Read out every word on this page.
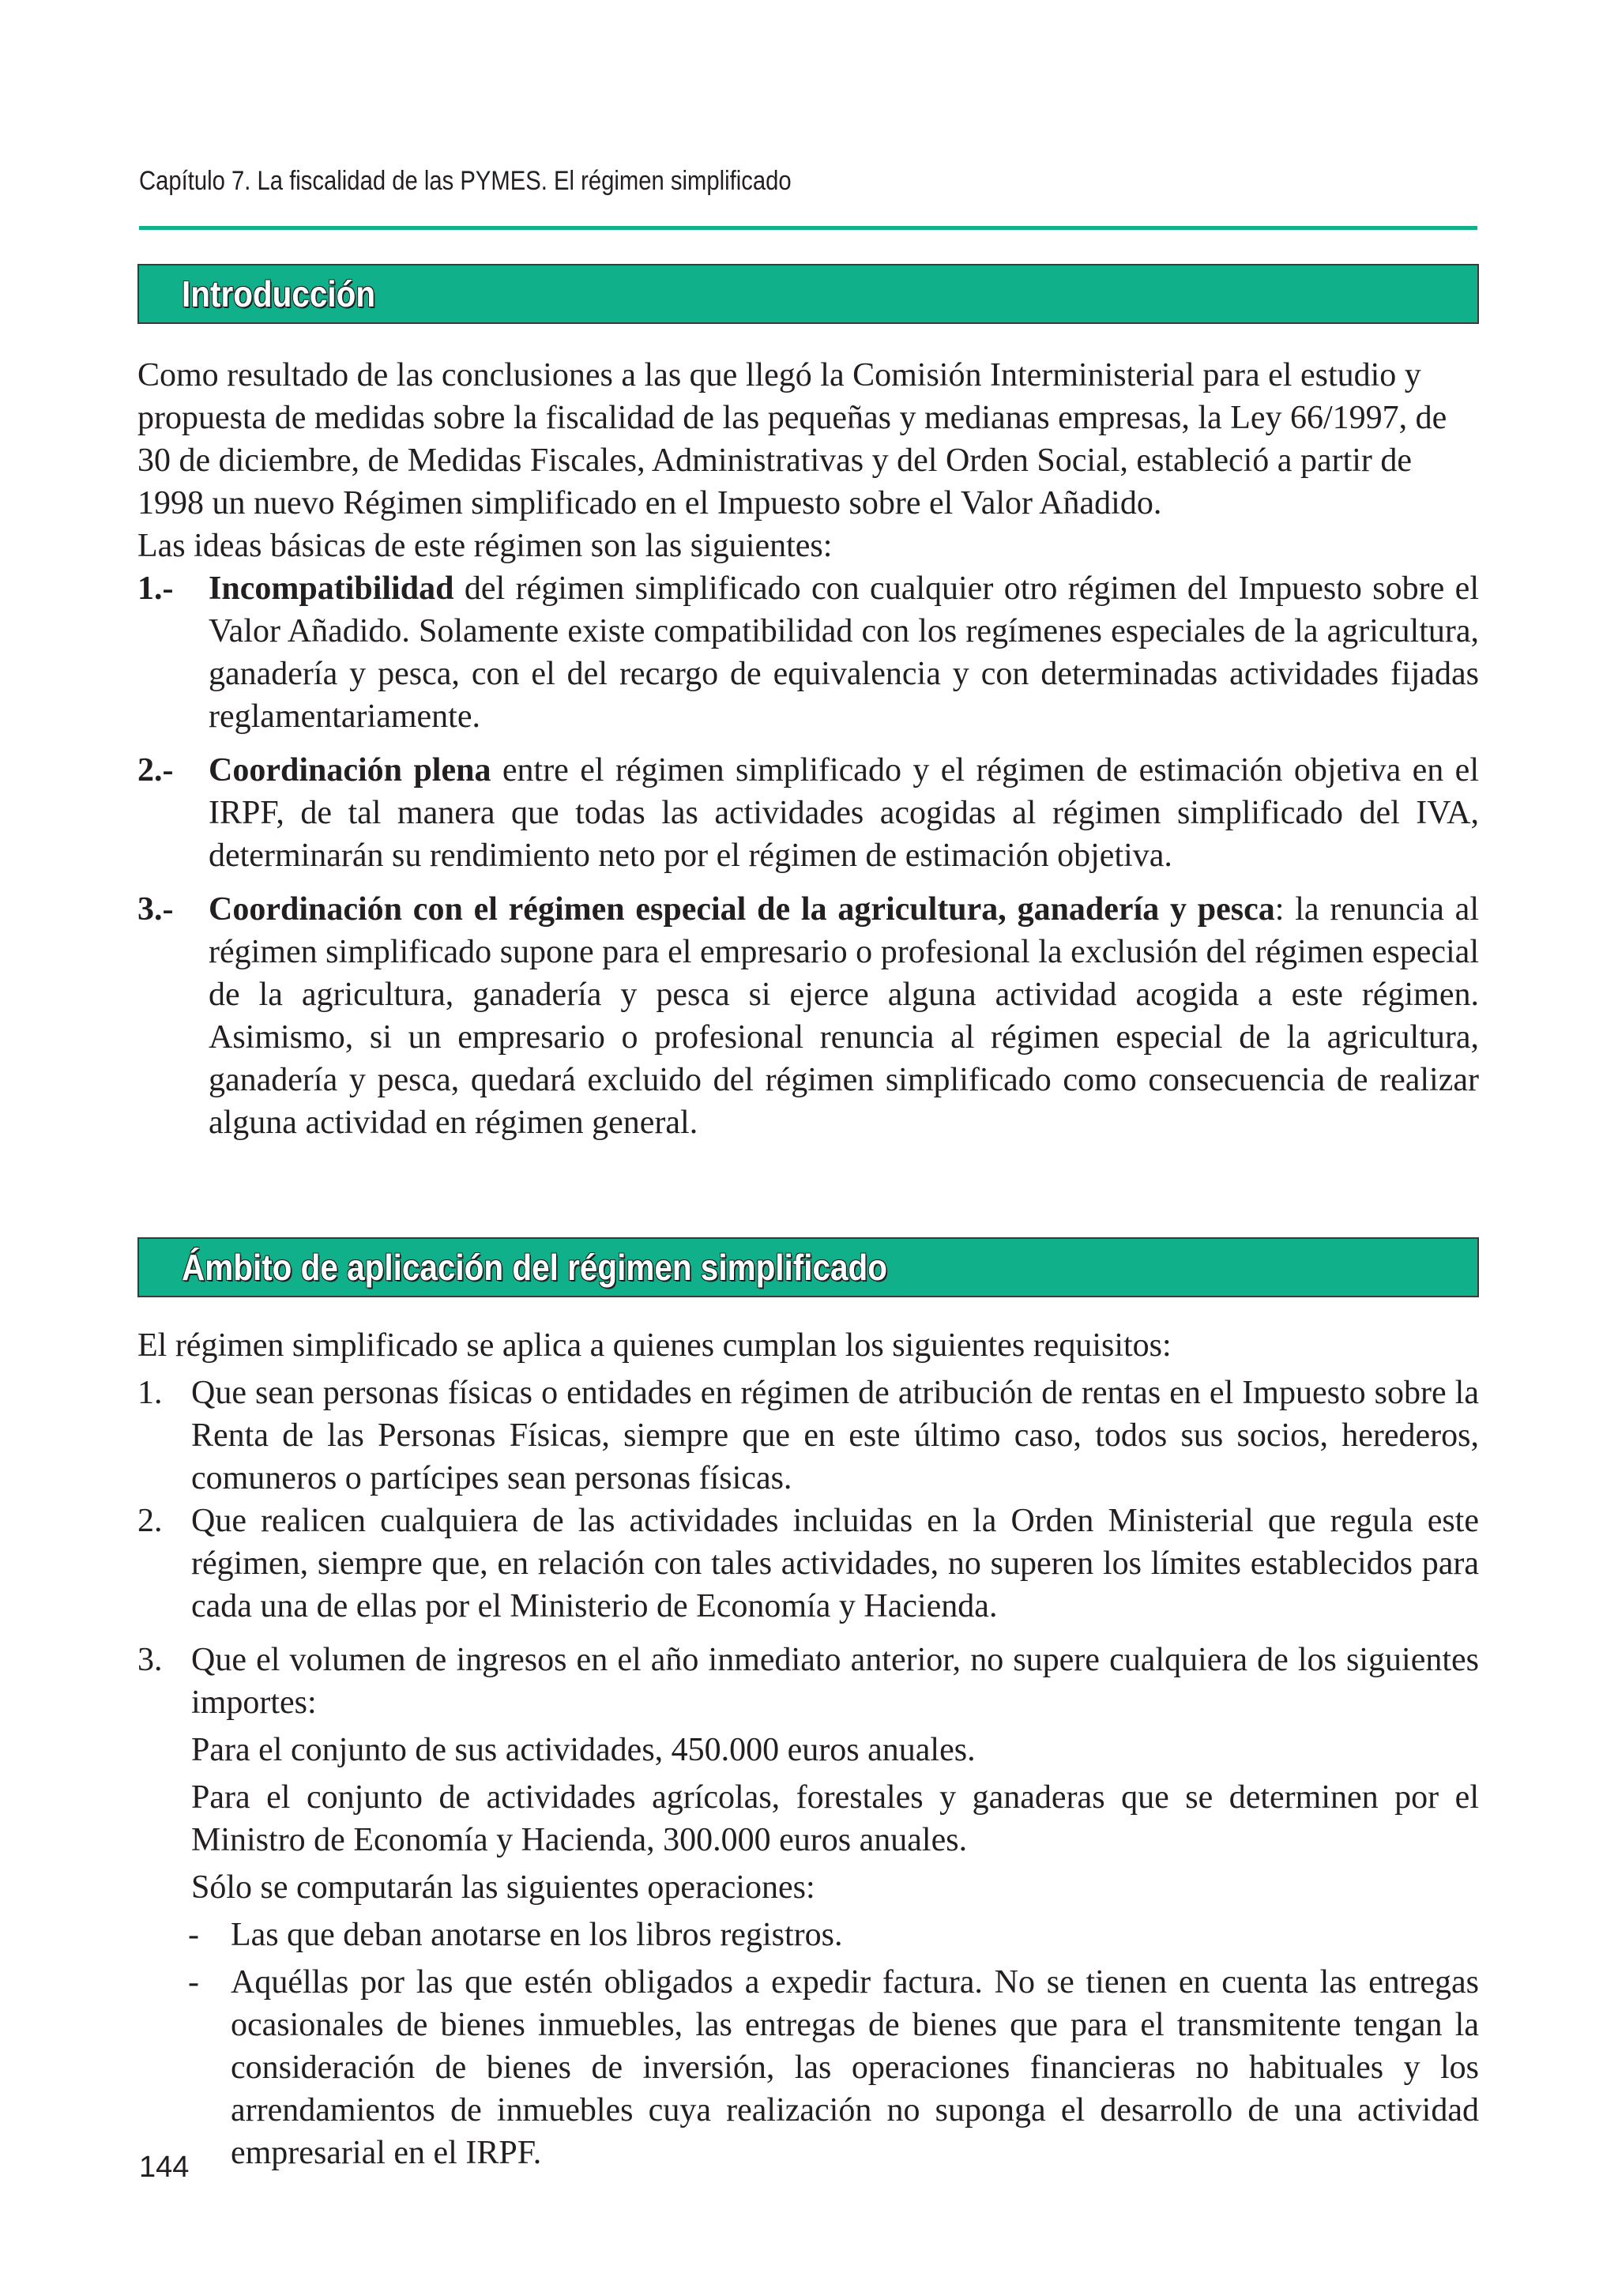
Capítulo 7. La fiscalidad de las PYMES. El régimen simplificado
Introducción

Como resultado de las conclusiones a las que llegó la Comisión Interministerial para el estudio y propuesta de medidas sobre la fiscalidad de las pequeñas y medianas empresas, la Ley 66/1997, de 30 de diciembre, de Medidas Fiscales, Administrativas y del Orden Social, estableció a partir de 1998 un nuevo Régimen simplificado en el Impuesto sobre el Valor Añadido.

Las ideas básicas de este régimen son las siguientes:

1.- Incompatibilidad del régimen simplificado con cualquier otro régimen del Impuesto sobre el Valor Añadido. Solamente existe compatibilidad con los regímenes especiales de la agricultura, ganadería y pesca, con el del recargo de equivalencia y con determinadas actividades fijadas reglamentariamente.
2.- Coordinación plena entre el régimen simplificado y el régimen de estimación objetiva en el IRPF, de tal manera que todas las actividades acogidas al régimen simplificado del IVA, determinarán su rendimiento neto por el régimen de estimación objetiva.
3.- Coordinación con el régimen especial de la agricultura, ganadería y pesca: la renuncia al régimen simplificado supone para el empresario o profesional la exclusión del régimen especial de la agricultura, ganadería y pesca si ejerce alguna actividad acogida a este régimen. Asimismo, si un empresario o profesional renuncia al régimen especial de la agricultura, ganadería y pesca, quedará excluido del régimen simplificado como consecuencia de realizar alguna actividad en régimen general.
Ámbito de aplicación del régimen simplificado

El régimen simplificado se aplica a quienes cumplan los siguientes requisitos:

1. Que sean personas físicas o entidades en régimen de atribución de rentas en el Impuesto sobre la Renta de las Personas Físicas, siempre que en este último caso, todos sus socios, herederos, comuneros o partícipes sean personas físicas.
2. Que realicen cualquiera de las actividades incluidas en la Orden Ministerial que regula este régimen, siempre que, en relación con tales actividades, no superen los límites establecidos para cada una de ellas por el Ministerio de Economía y Hacienda.
3. Que el volumen de ingresos en el año inmediato anterior, no supere cualquiera de los siguientes importes:

Para el conjunto de sus actividades, 450.000 euros anuales.

Para el conjunto de actividades agrícolas, forestales y ganaderas que se determinen por el Ministro de Economía y Hacienda, 300.000 euros anuales.

Sólo se computarán las siguientes operaciones:

- Las que deban anotarse en los libros registros.
- Aquéllas por las que estén obligados a expedir factura. No se tienen en cuenta las entregas ocasionales de bienes inmuebles, las entregas de bienes que para el transmitente tengan la consideración de bienes de inversión, las operaciones financieras no habituales y los arrendamientos de inmuebles cuya realización no suponga el desarrollo de una actividad empresarial en el IRPF.
144
